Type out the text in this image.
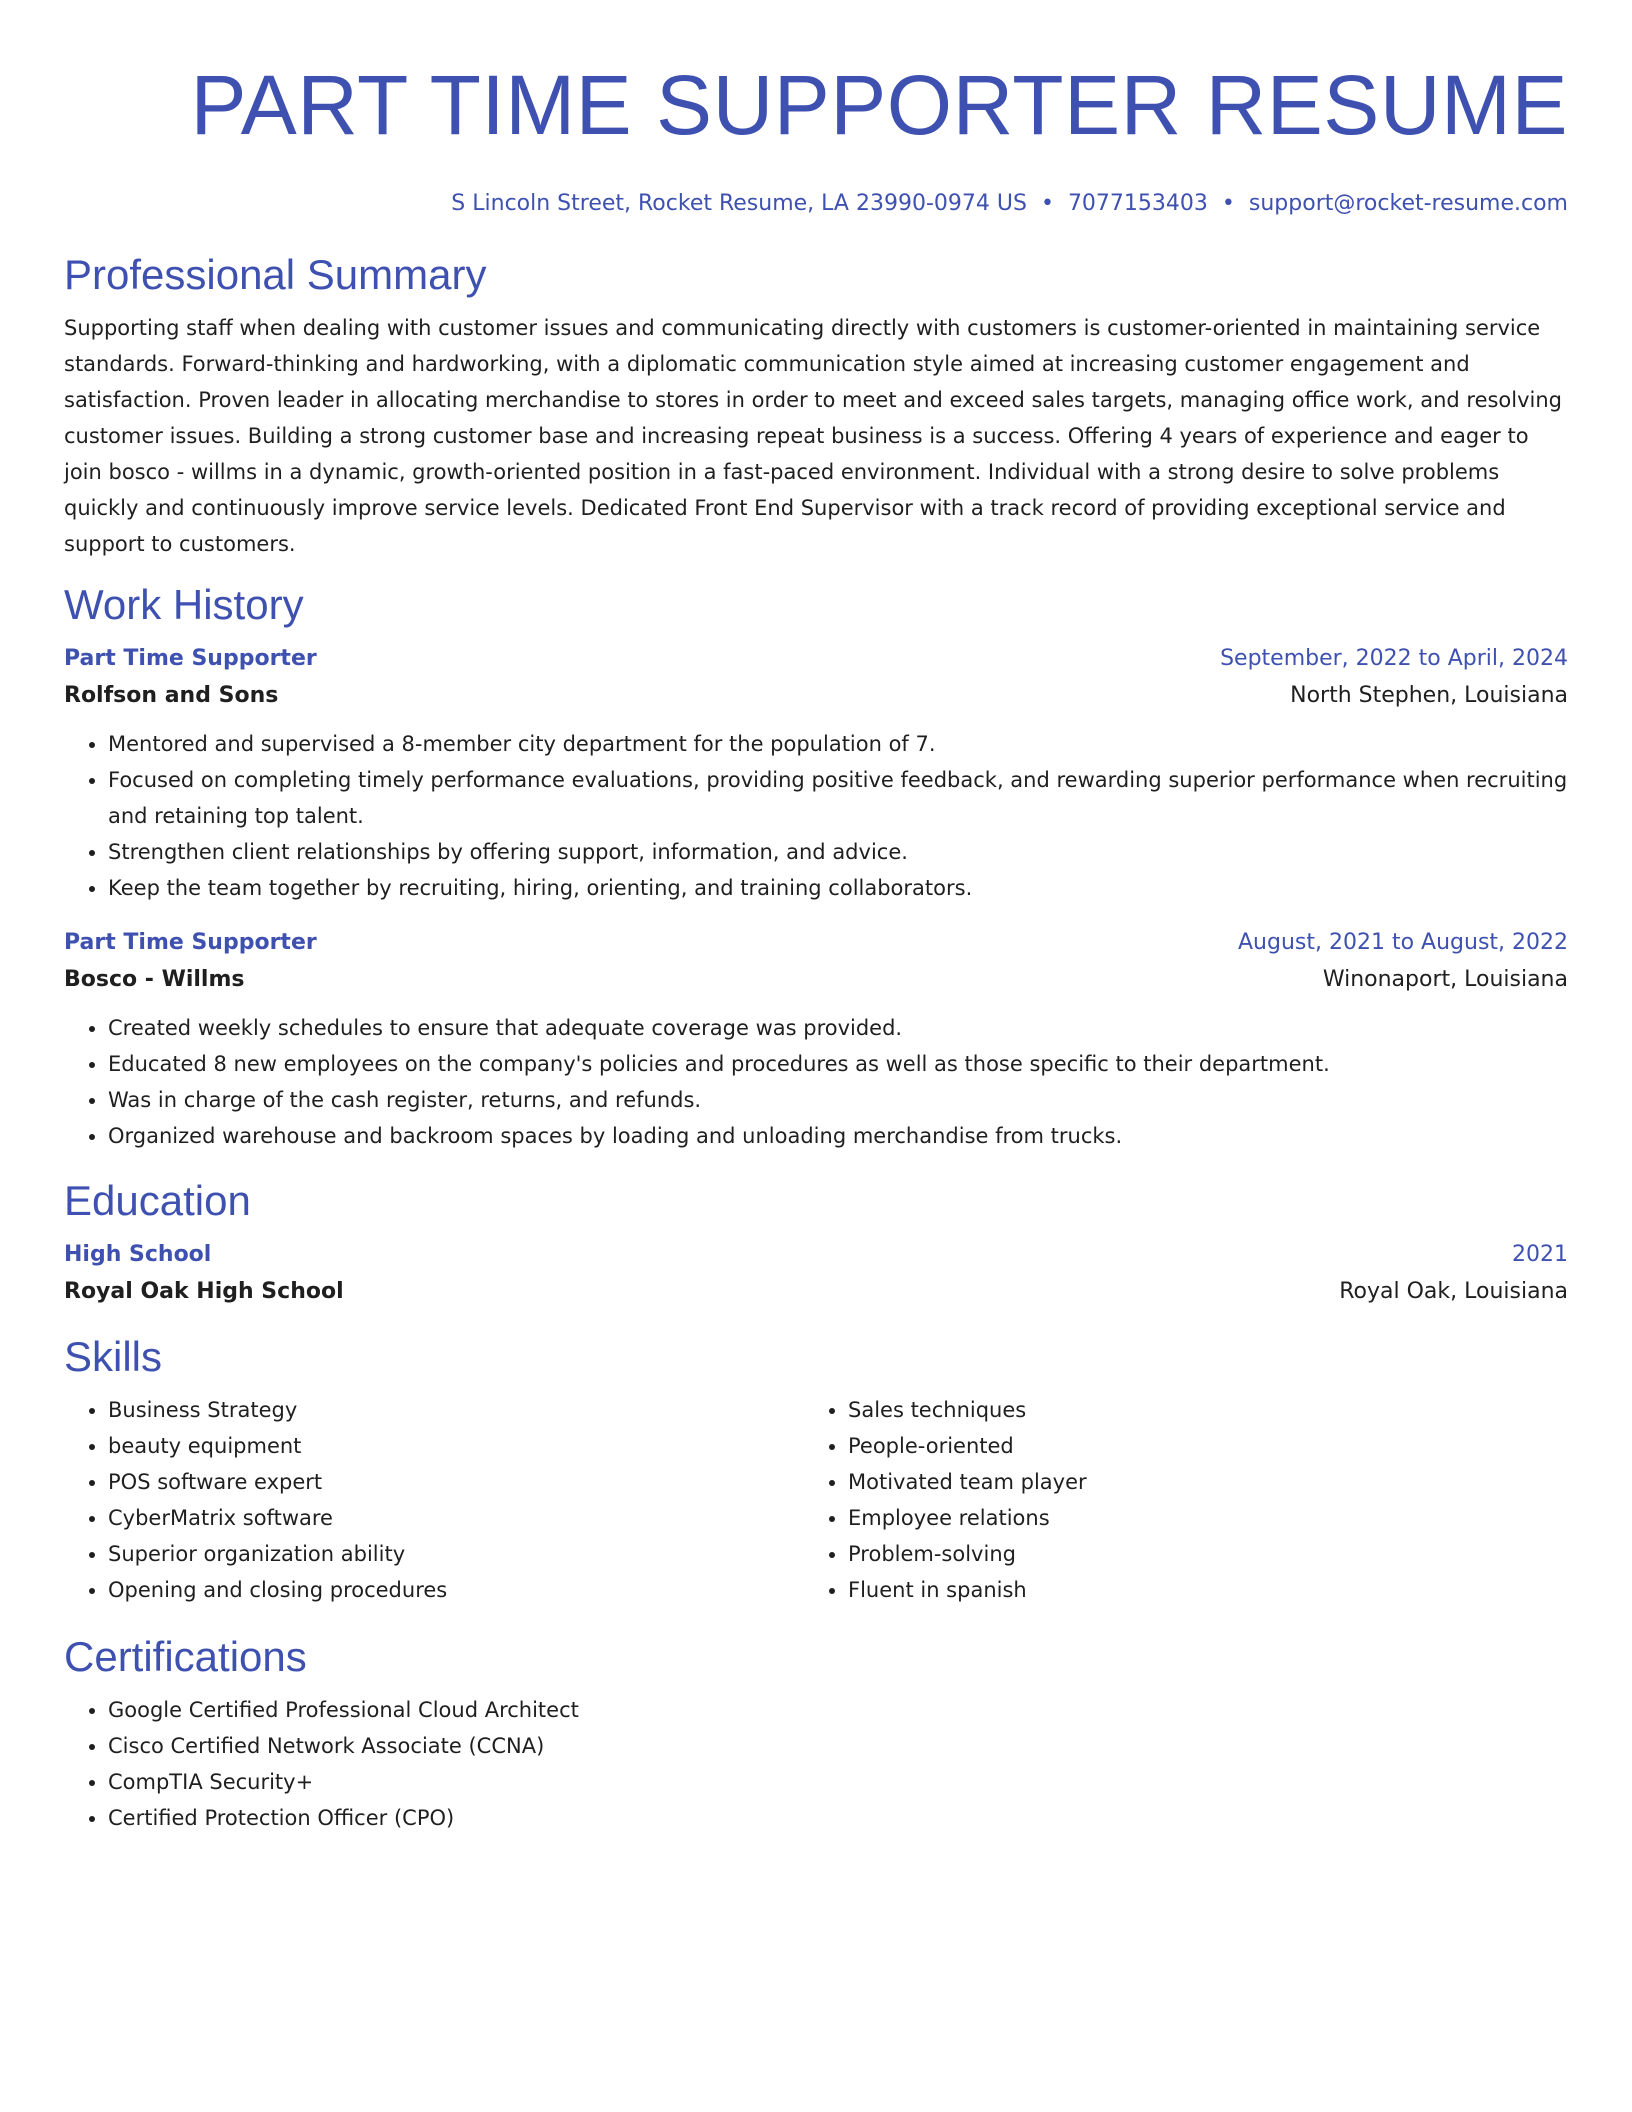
PART TIME SUPPORTER RESUME
S Lincoln Street, Rocket Resume, LA 23990-0974 US • 7077153403 • support@rocket-resume.com
Professional Summary

Supporting staff when dealing with customer issues and communicating directly with customers is customer-oriented in maintaining service standards. Forward-thinking and hardworking, with a diplomatic communication style aimed at increasing customer engagement and satisfaction. Proven leader in allocating merchandise to stores in order to meet and exceed sales targets, managing office work, and resolving customer issues. Building a strong customer base and increasing repeat business is a success. Offering 4 years of experience and eager to join bosco - willms in a dynamic, growth-oriented position in a fast-paced environment. Individual with a strong desire to solve problems quickly and continuously improve service levels. Dedicated Front End Supervisor with a track record of providing exceptional service and support to customers.

Work History
Part Time Supporter	September, 2022 to April, 2024
Rolfson and Sons	North Stephen, Louisiana
• Mentored and supervised a 8-member city department for the population of 7.
• Focused on completing timely performance evaluations, providing positive feedback, and rewarding superior performance when recruiting and retaining top talent.
• Strengthen client relationships by offering support, information, and advice.
• Keep the team together by recruiting, hiring, orienting, and training collaborators.
Part Time Supporter	August, 2021 to August, 2022
Bosco - Willms	Winonaport, Louisiana
• Created weekly schedules to ensure that adequate coverage was provided.
• Educated 8 new employees on the company's policies and procedures as well as those specific to their department.
• Was in charge of the cash register, returns, and refunds.
• Organized warehouse and backroom spaces by loading and unloading merchandise from trucks.
Education
High School	2021
Royal Oak High School	Royal Oak, Louisiana
Skills
• Business Strategy
• beauty equipment
• POS software expert
• CyberMatrix software
• Superior organization ability
• Opening and closing procedures
• Sales techniques
• People-oriented
• Motivated team player
• Employee relations
• Problem-solving
• Fluent in spanish
Certifications
• Google Certified Professional Cloud Architect
• Cisco Certified Network Associate (CCNA)
• CompTIA Security+
• Certified Protection Officer (CPO)
